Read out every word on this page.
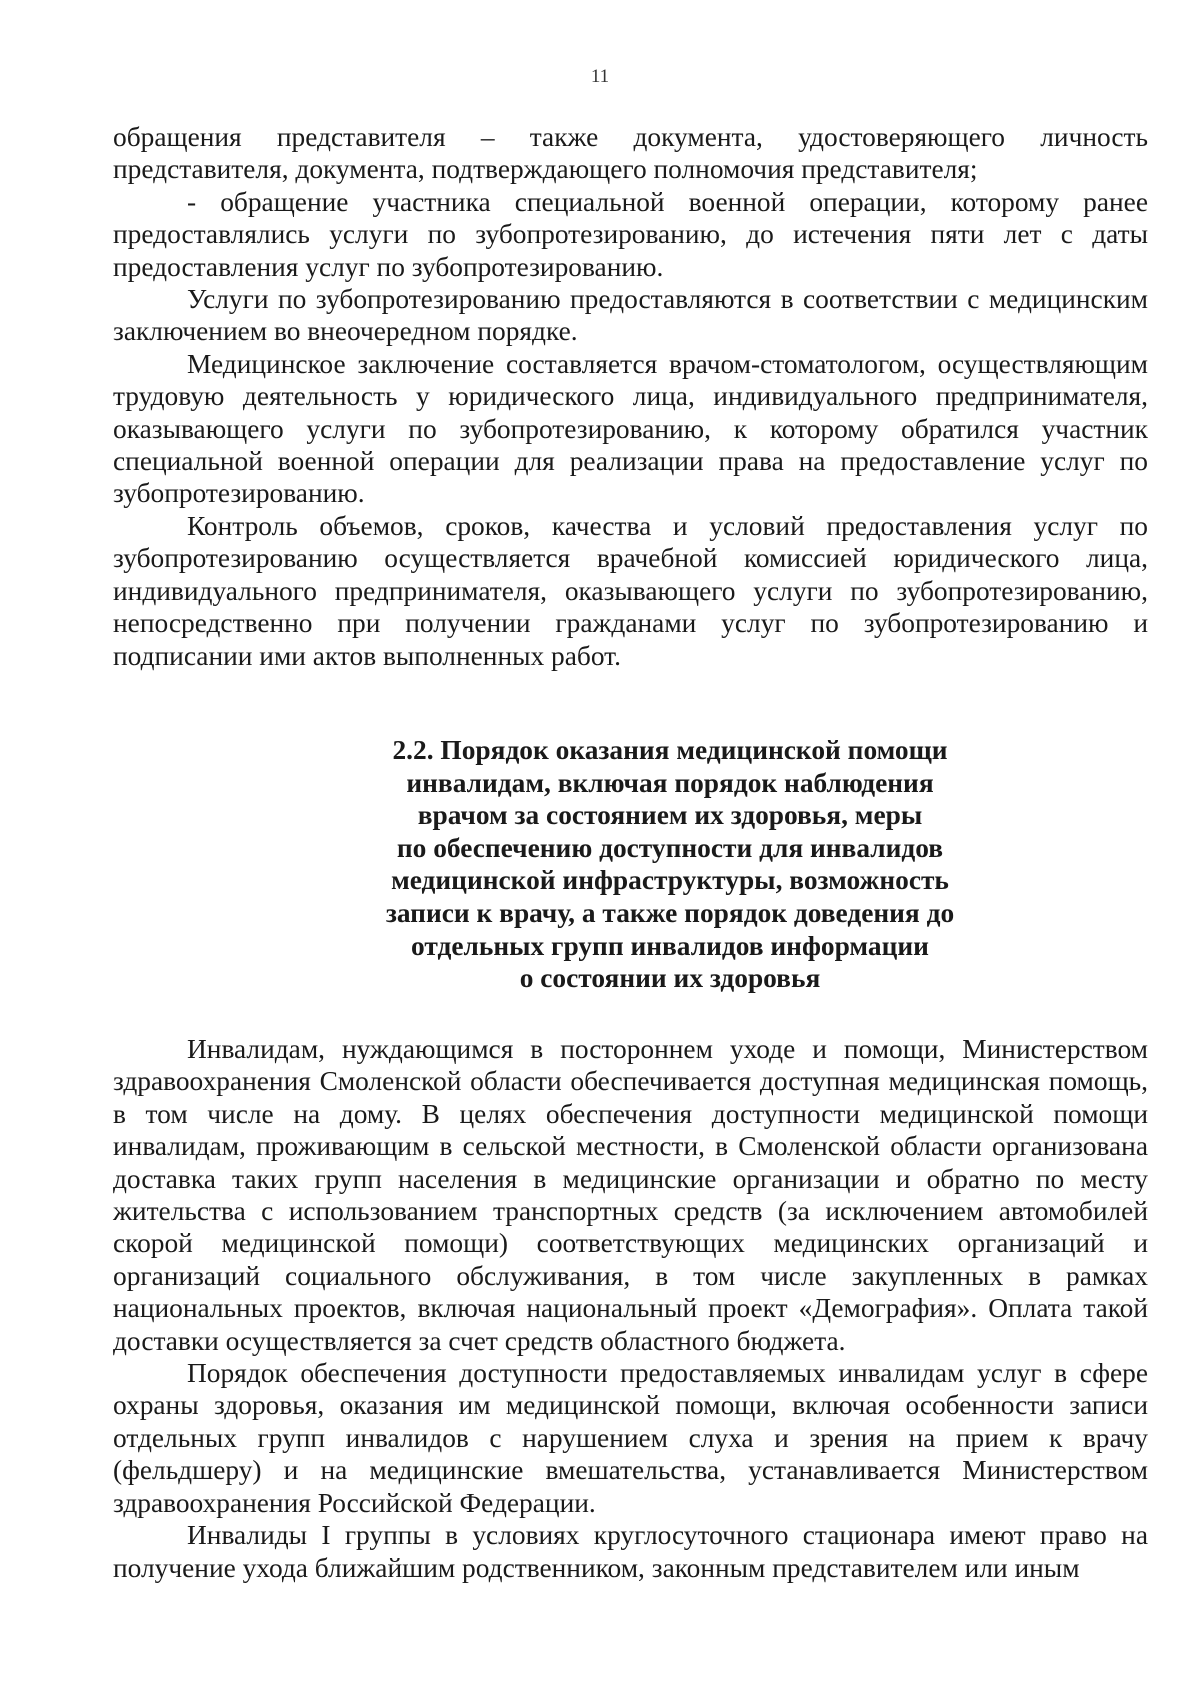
11

обращения представителя – также документа, удостоверяющего личность представителя, документа, подтверждающего полномочия представителя;

- обращение участника специальной военной операции, которому ранее предоставлялись услуги по зубопротезированию, до истечения пяти лет с даты предоставления услуг по зубопротезированию.

Услуги по зубопротезированию предоставляются в соответствии с медицинским заключением во внеочередном порядке.

Медицинское заключение составляется врачом-стоматологом, осуществляющим трудовую деятельность у юридического лица, индивидуального предпринимателя, оказывающего услуги по зубопротезированию, к которому обратился участник специальной военной операции для реализации права на предоставление услуг по зубопротезированию.

Контроль объемов, сроков, качества и условий предоставления услуг по зубопротезированию осуществляется врачебной комиссией юридического лица, индивидуального предпринимателя, оказывающего услуги по зубопротезированию, непосредственно при получении гражданами услуг по зубопротезированию и подписании ими актов выполненных работ.

2.2. Порядок оказания медицинской помощи
инвалидам, включая порядок наблюдения
врачом за состоянием их здоровья, меры
по обеспечению доступности для инвалидов
медицинской инфраструктуры, возможность
записи к врачу, а также порядок доведения до
отдельных групп инвалидов информации
о состоянии их здоровья

Инвалидам, нуждающимся в постороннем уходе и помощи, Министерством здравоохранения Смоленской области обеспечивается доступная медицинская помощь, в том числе на дому. В целях обеспечения доступности медицинской помощи инвалидам, проживающим в сельской местности, в Смоленской области организована доставка таких групп населения в медицинские организации и обратно по месту жительства с использованием транспортных средств (за исключением автомобилей скорой медицинской помощи) соответствующих медицинских организаций и организаций социального обслуживания, в том числе закупленных в рамках национальных проектов, включая национальный проект «Демография». Оплата такой доставки осуществляется за счет средств областного бюджета.

Порядок обеспечения доступности предоставляемых инвалидам услуг в сфере охраны здоровья, оказания им медицинской помощи, включая особенности записи отдельных групп инвалидов с нарушением слуха и зрения на прием к врачу (фельдшеру) и на медицинские вмешательства, устанавливается Министерством здравоохранения Российской Федерации.

Инвалиды I группы в условиях круглосуточного стационара имеют право на получение ухода ближайшим родственником, законным представителем или иным
